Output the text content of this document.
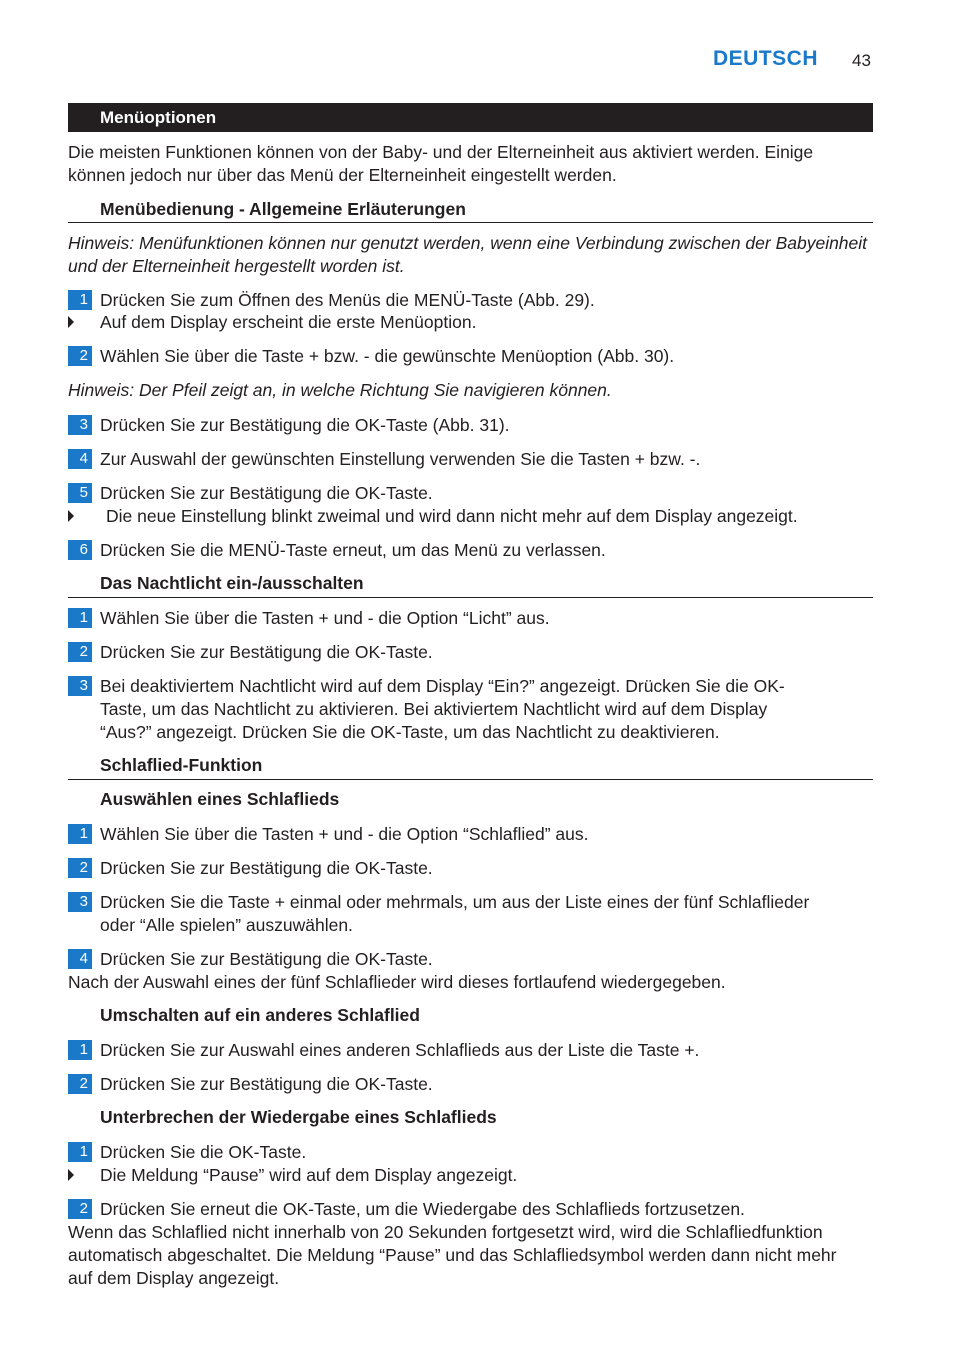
DEUTSCH 43
Menüoptionen
Die meisten Funktionen können von der Baby- und der Elterneinheit aus aktiviert werden. Einige können jedoch nur über das Menü der Elterneinheit eingestellt werden.
Menübedienung - Allgemeine Erläuterungen
Hinweis: Menüfunktionen können nur genutzt werden, wenn eine Verbindung zwischen der Babyeinheit und der Elterneinheit hergestellt worden ist.
1 Drücken Sie zum Öffnen des Menüs die MENÜ-Taste (Abb. 29).
Auf dem Display erscheint die erste Menüoption.
2 Wählen Sie über die Taste + bzw. - die gewünschte Menüoption (Abb. 30).
Hinweis: Der Pfeil zeigt an, in welche Richtung Sie navigieren können.
3 Drücken Sie zur Bestätigung die OK-Taste (Abb. 31).
4 Zur Auswahl der gewünschten Einstellung verwenden Sie die Tasten + bzw. -.
5 Drücken Sie zur Bestätigung die OK-Taste.
Die neue Einstellung blinkt zweimal und wird dann nicht mehr auf dem Display angezeigt.
6 Drücken Sie die MENÜ-Taste erneut, um das Menü zu verlassen.
Das Nachtlicht ein-/ausschalten
1 Wählen Sie über die Tasten + und - die Option “Licht” aus.
2 Drücken Sie zur Bestätigung die OK-Taste.
3 Bei deaktiviertem Nachtlicht wird auf dem Display “Ein?” angezeigt. Drücken Sie die OK-
Taste, um das Nachtlicht zu aktivieren. Bei aktiviertem Nachtlicht wird auf dem Display
“Aus?” angezeigt. Drücken Sie die OK-Taste, um das Nachtlicht zu deaktivieren.
Schlaflied-Funktion
Auswählen eines Schlaflieds
1 Wählen Sie über die Tasten + und - die Option “Schlaflied” aus.
2 Drücken Sie zur Bestätigung die OK-Taste.
3 Drücken Sie die Taste + einmal oder mehrmals, um aus der Liste eines der fünf Schlaflieder
oder “Alle spielen” auszuwählen.
4 Drücken Sie zur Bestätigung die OK-Taste.
Nach der Auswahl eines der fünf Schlaflieder wird dieses fortlaufend wiedergegeben.
Umschalten auf ein anderes Schlaflied
1 Drücken Sie zur Auswahl eines anderen Schlaflieds aus der Liste die Taste +.
2 Drücken Sie zur Bestätigung die OK-Taste.
Unterbrechen der Wiedergabe eines Schlaflieds
1 Drücken Sie die OK-Taste.
Die Meldung “Pause” wird auf dem Display angezeigt.
2 Drücken Sie erneut die OK-Taste, um die Wiedergabe des Schlaflieds fortzusetzen.
Wenn das Schlaflied nicht innerhalb von 20 Sekunden fortgesetzt wird, wird die Schlafliedfunktion
automatisch abgeschaltet. Die Meldung “Pause” und das Schlafliedsymbol werden dann nicht mehr
auf dem Display angezeigt.
